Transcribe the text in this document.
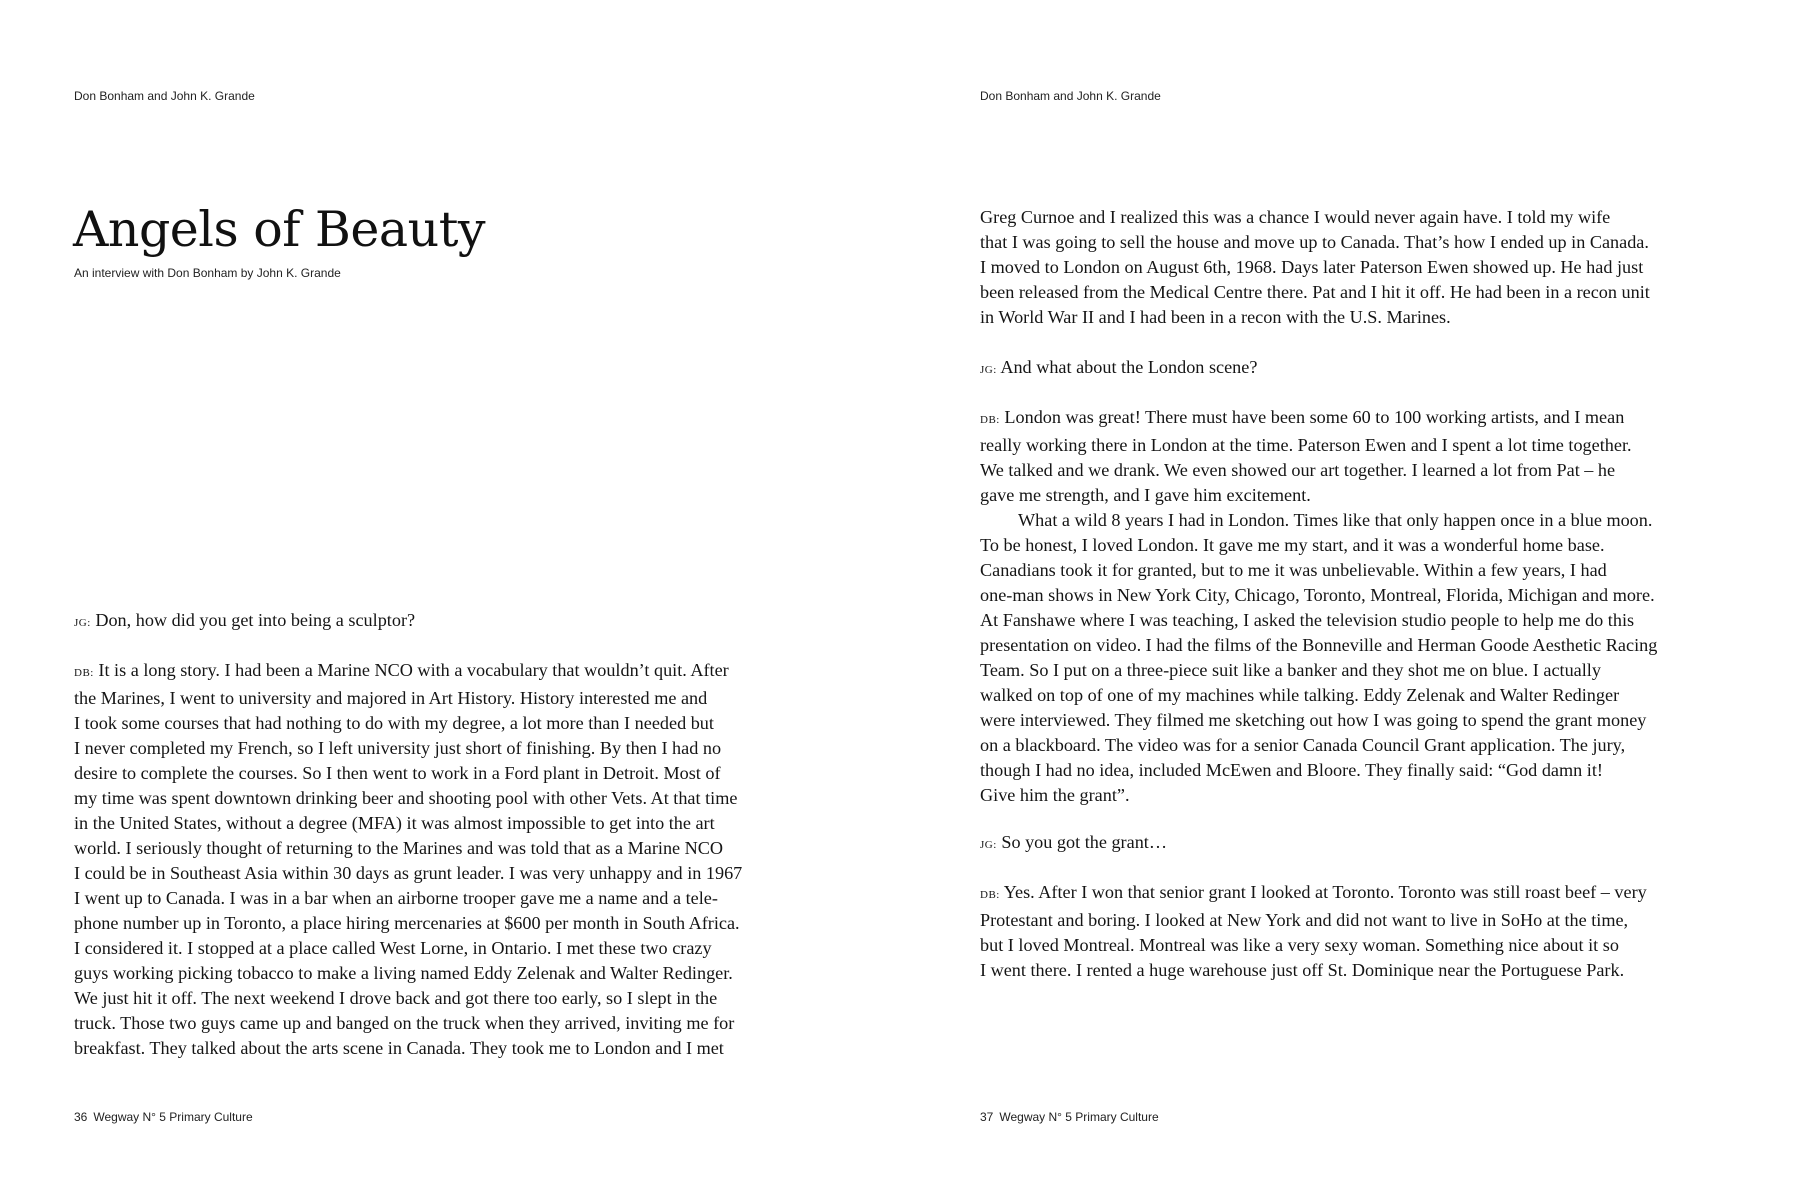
Don Bonham and John K. Grande
Angels of Beauty
An interview with Don Bonham by John K. Grande

JG: Don, how did you get into being a sculptor?

DB: It is a long story. I had been a Marine NCO with a vocabulary that wouldn’t quit. After
the Marines, I went to university and majored in Art History. History interested me and
I took some courses that had nothing to do with my degree, a lot more than I needed but
I never completed my French, so I left university just short of finishing. By then I had no
desire to complete the courses. So I then went to work in a Ford plant in Detroit. Most of
my time was spent downtown drinking beer and shooting pool with other Vets. At that time
in the United States, without a degree (MFA) it was almost impossible to get into the art
world. I seriously thought of returning to the Marines and was told that as a Marine NCO
I could be in Southeast Asia within 30 days as grunt leader. I was very unhappy and in 1967
I went up to Canada. I was in a bar when an airborne trooper gave me a name and a tele-
phone number up in Toronto, a place hiring mercenaries at $600 per month in South Africa.
I considered it. I stopped at a place called West Lorne, in Ontario. I met these two crazy
guys working picking tobacco to make a living named Eddy Zelenak and Walter Redinger.
We just hit it off. The next weekend I drove back and got there too early, so I slept in the
truck. Those two guys came up and banged on the truck when they arrived, inviting me for
breakfast. They talked about the arts scene in Canada. They took me to London and I met
36 Wegway N° 5 Primary Culture
Don Bonham and John K. Grande
Greg Curnoe and I realized this was a chance I would never again have. I told my wife
that I was going to sell the house and move up to Canada. That’s how I ended up in Canada.
I moved to London on August 6th, 1968. Days later Paterson Ewen showed up. He had just
been released from the Medical Centre there. Pat and I hit it off. He had been in a recon unit
in World War II and I had been in a recon with the U.S. Marines.

JG: And what about the London scene?

DB: London was great! There must have been some 60 to 100 working artists, and I mean
really working there in London at the time. Paterson Ewen and I spent a lot time together.
We talked and we drank. We even showed our art together. I learned a lot from Pat – he
gave me strength, and I gave him excitement.
What a wild 8 years I had in London. Times like that only happen once in a blue moon.
To be honest, I loved London. It gave me my start, and it was a wonderful home base.
Canadians took it for granted, but to me it was unbelievable. Within a few years, I had
one-man shows in New York City, Chicago, Toronto, Montreal, Florida, Michigan and more.
At Fanshawe where I was teaching, I asked the television studio people to help me do this
presentation on video. I had the films of the Bonneville and Herman Goode Aesthetic Racing
Team. So I put on a three-piece suit like a banker and they shot me on blue. I actually
walked on top of one of my machines while talking. Eddy Zelenak and Walter Redinger
were interviewed. They filmed me sketching out how I was going to spend the grant money
on a blackboard. The video was for a senior Canada Council Grant application. The jury,
though I had no idea, included McEwen and Bloore. They finally said: “God damn it!
Give him the grant”.

JG: So you got the grant…

DB: Yes. After I won that senior grant I looked at Toronto. Toronto was still roast beef – very
Protestant and boring. I looked at New York and did not want to live in SoHo at the time,
but I loved Montreal. Montreal was like a very sexy woman. Something nice about it so
I went there. I rented a huge warehouse just off St. Dominique near the Portuguese Park.
37 Wegway N° 5 Primary Culture
